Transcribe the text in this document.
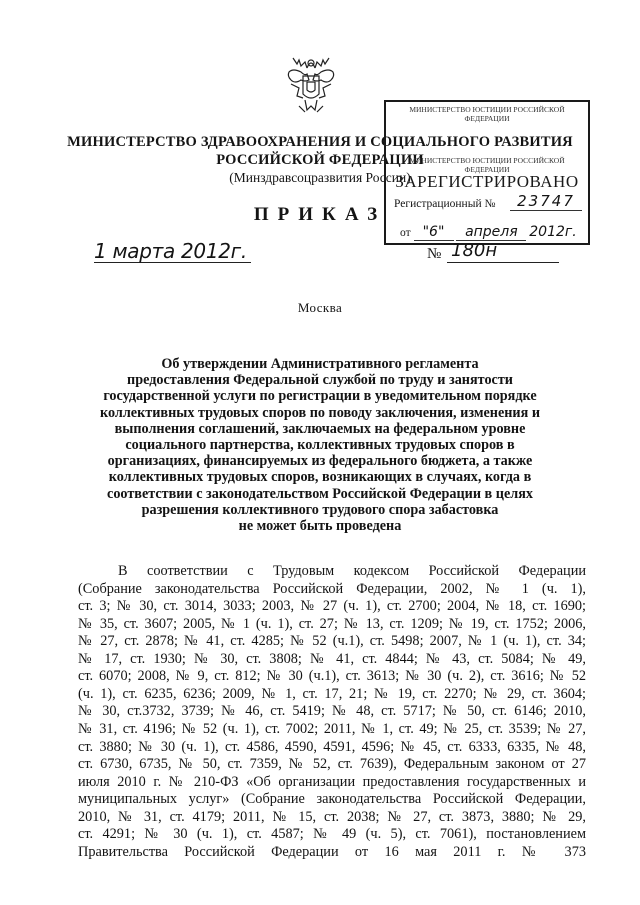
МИНИСТЕРСТВО ЗДРАВООХРАНЕНИЯ И СОЦИАЛЬНОГО РАЗВИТИЯ
РОССИЙСКОЙ ФЕДЕРАЦИИ
(Минздравсоцразвития России)
ПРИКАЗ
МИНИСТЕРСТВО ЮСТИЦИИ РОССИЙСКОЙ ФЕДЕРАЦИИ
МИНИСТЕРСТВО ЮСТИЦИИ РОССИЙСКОЙ ФЕДЕРАЦИИ
ЗАРЕГИСТРИРОВАНО
Регистрационный №	23747
от "6" апреля 2012г.
1 марта 2012г.	№ 180н
Москва
Об утверждении Административного регламента
предоставления Федеральной службой по труду и занятости
государственной услуги по регистрации в уведомительном порядке
коллективных трудовых споров по поводу заключения, изменения и
выполнения соглашений, заключаемых на федеральном уровне
социального партнерства, коллективных трудовых споров в
организациях, финансируемых из федерального бюджета, а также
коллективных трудовых споров, возникающих в случаях, когда в
соответствии с законодательством Российской Федерации в целях
разрешения коллективного трудового спора забастовка
не может быть проведена
В соответствии с Трудовым кодексом Российской Федерации
(Собрание законодательства Российской Федерации, 2002, № 1 (ч. 1),
ст. 3; № 30, ст. 3014, 3033; 2003, № 27 (ч. 1), ст. 2700; 2004, № 18, ст. 1690;
№ 35, ст. 3607; 2005, № 1 (ч. 1), ст. 27; № 13, ст. 1209; № 19, ст. 1752; 2006,
№ 27, ст. 2878; № 41, ст. 4285; № 52 (ч.1), ст. 5498; 2007, № 1 (ч. 1), ст. 34;
№ 17, ст. 1930; № 30, ст. 3808; № 41, ст. 4844; № 43, ст. 5084; № 49,
ст. 6070; 2008, № 9, ст. 812; № 30 (ч.1), ст. 3613; № 30 (ч. 2), ст. 3616; № 52
(ч. 1), ст. 6235, 6236; 2009, № 1, ст. 17, 21; № 19, ст. 2270; № 29, ст. 3604;
№ 30, ст.3732, 3739; № 46, ст. 5419; № 48, ст. 5717; № 50, ст. 6146; 2010,
№ 31, ст. 4196; № 52 (ч. 1), ст. 7002; 2011, № 1, ст. 49; № 25, ст. 3539; № 27,
ст. 3880; № 30 (ч. 1), ст. 4586, 4590, 4591, 4596; № 45, ст. 6333, 6335, № 48,
ст. 6730, 6735, № 50, ст. 7359, № 52, ст. 7639), Федеральным законом от 27
июля 2010 г. № 210-ФЗ «Об организации предоставления государственных и
муниципальных услуг» (Собрание законодательства Российской Федерации,
2010, № 31, ст. 4179; 2011, № 15, ст. 2038; № 27, ст. 3873, 3880; № 29,
ст. 4291; № 30 (ч. 1), ст. 4587; № 49 (ч. 5), ст. 7061), постановлением
Правительства Российской Федерации от 16 мая 2011 г. № 373
